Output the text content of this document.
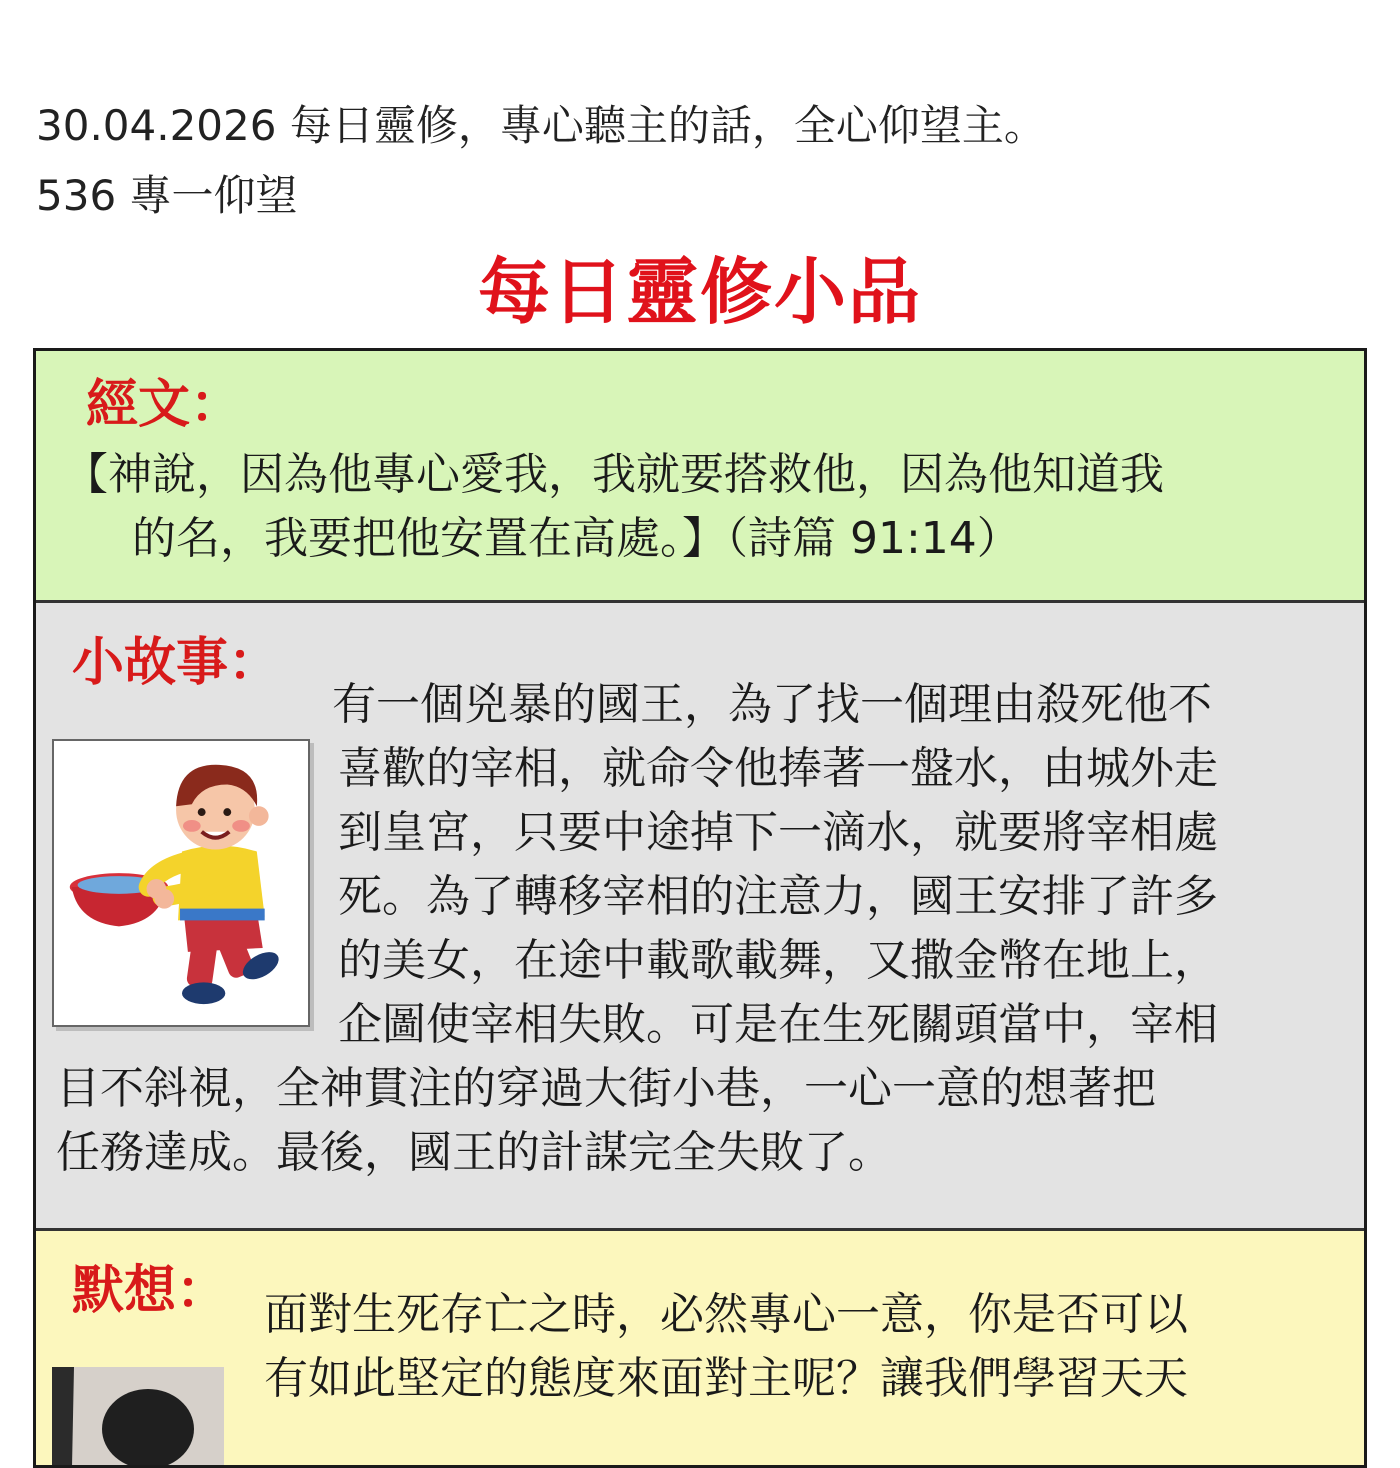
30.04.2026 每日靈修，專心聽主的話，全心仰望主。
536 專一仰望
每日靈修小品
經文：
【神說，因為他專心愛我，我就要搭救他，因為他知道我
的名，我要把他安置在高處。】（詩篇 91:14）
小故事：
有一個兇暴的國王，為了找一個理由殺死他不
喜歡的宰相，就命令他捧著一盤水，由城外走
到皇宮，只要中途掉下一滴水，就要將宰相處
死。為了轉移宰相的注意力，國王安排了許多
的美女，在途中載歌載舞，又撒金幣在地上，
企圖使宰相失敗。可是在生死關頭當中，宰相
目不斜視，全神貫注的穿過大街小巷，一心一意的想著把
任務達成。最後，國王的計謀完全失敗了。
默想： 面對生死存亡之時，必然專心一意，你是否可以
有如此堅定的態度來面對主呢？讓我們學習天天
